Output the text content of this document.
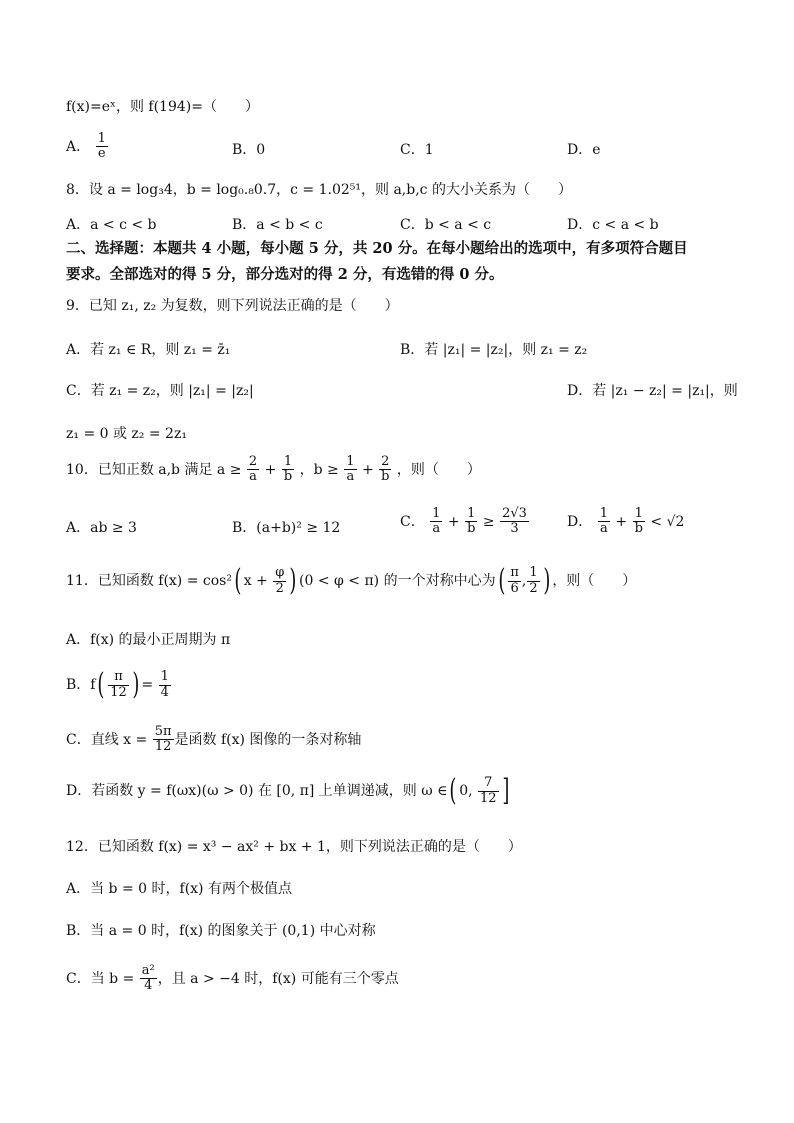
f(x)=eˣ，则 f(194)=（　　）
A． $\frac{1}{e}$	B．0	C．1	D．e
8．设 a = log₃4，b = log₀.₈0.7，c = 1.02⁵¹，则 a,b,c 的大小关系为（　　）
A．a < c < b	B．a < b < c	C．b < a < c	D．c < a < b
二、选择题：本题共 4 小题，每小题 5 分，共 20 分。在每小题给出的选项中，有多项符合题目
要求。全部选对的得 5 分，部分选对的得 2 分，有选错的得 0 分。
9．已知 z₁, z₂ 为复数，则下列说法正确的是（　　）
A．若 z₁ ∈ R，则 z₁ = z̄₁	B．若 |z₁| = |z₂|，则 z₁ = z₂
C．若 z₁ = z₂，则 |z₁| = |z₂|	D．若 |z₁ − z₂| = |z₁|，则
z₁ = 0 或 z₂ = 2z₁
10．已知正数 a,b 满足 $a \ge \frac{2}{a} + \frac{1}{b}$ ，$b \ge \frac{1}{a} + \frac{2}{b}$ ，则（　　）
A．ab ≥ 3	B．(a+b)² ≥ 12	C． $\frac{1}{a} + \frac{1}{b} \ge \frac{2√3}{3}$	D． $\frac{1}{a} + \frac{1}{b} < √2$
11．已知函数 f(x) = cos²( $x + \frac{\varphi}{2}$ ) (0 < φ < π) 的一个对称中心为( $\frac{\pi}{6}$ , $\frac{1}{2}$ ) ，则（　　）
A．f(x) 的最小正周期为 π
B．$f( \frac{\pi}{12}$ ) = $\frac{1}{4}$
C．直线 $x = \frac{5\pi}{12}$ 是函数 f(x) 图像的一条对称轴
D．若函数 y = f(ωx)(ω > 0) 在 [0, π] 上单调递减，则 ω ∈( 0, $\frac{7}{12}$ ]
12．已知函数 f(x) = x³ − ax² + bx + 1，则下列说法正确的是（　　）
A．当 b = 0 时，f(x) 有两个极值点
B．当 a = 0 时，f(x) 的图象关于 (0,1) 中心对称
C．当 $b = \frac{\text{a²}}{4}$ ，且 a > −4 时，f(x) 可能有三个零点
